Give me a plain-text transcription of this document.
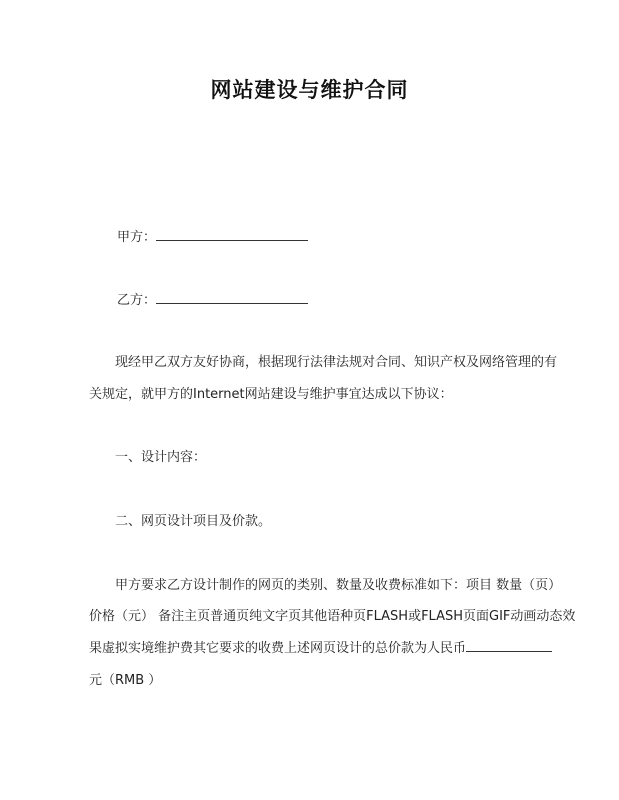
网站建设与维护合同
甲方：
乙方：
现经甲乙双方友好协商，根据现行法律法规对合同、知识产权及网络管理的有
关规定，就甲方的Internet网站建设与维护事宜达成以下协议：
一、设计内容：
二、网页设计项目及价款。
甲方要求乙方设计制作的网页的类别、数量及收费标准如下：项目 数量（页）
价格（元） 备注主页普通页纯文字页其他语种页FLASH或FLASH页面GIF动画动态效
果虚拟实境维护费其它要求的收费上述网页设计的总价款为人民币
元（RMB ）
